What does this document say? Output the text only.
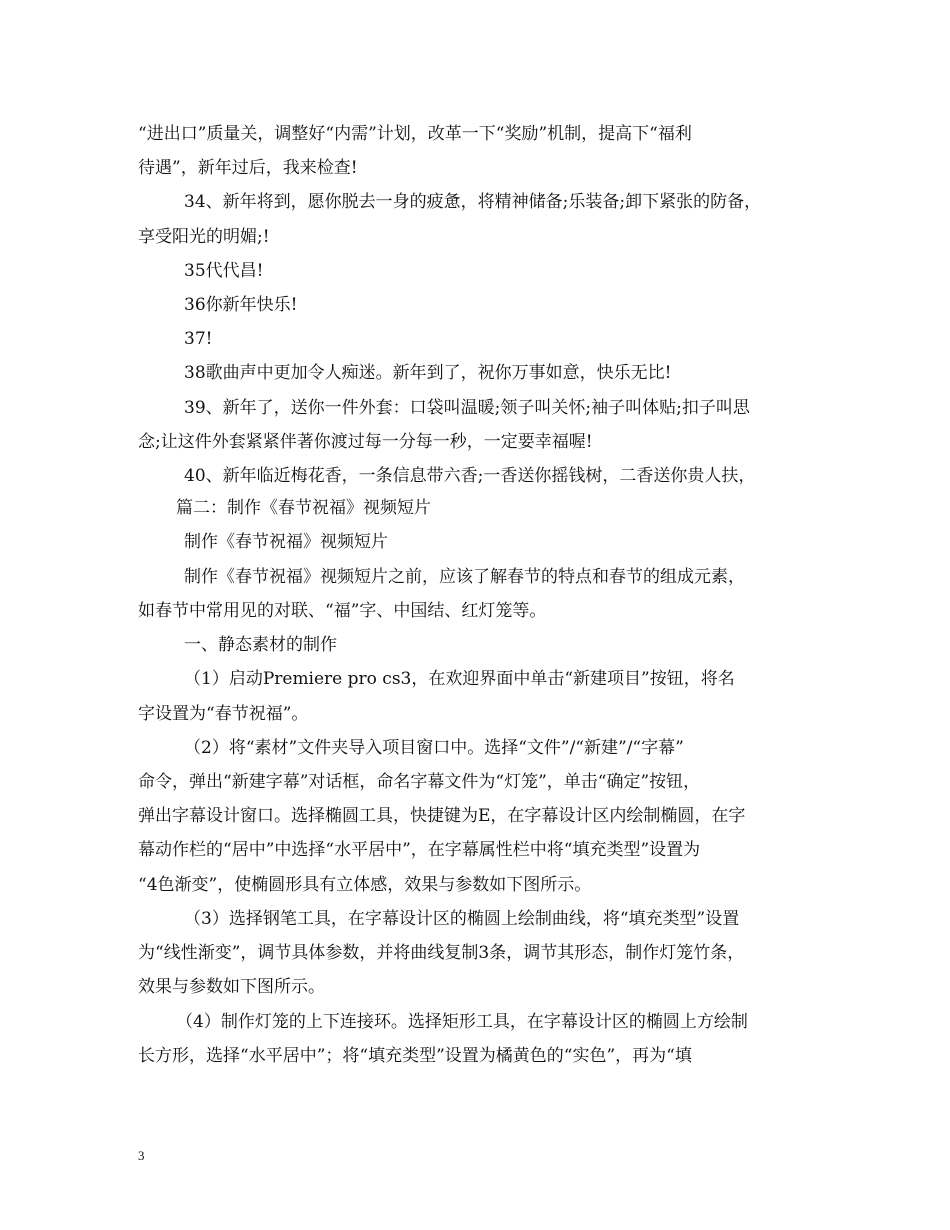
“进出口”质量关，调整好“内需”计划，改革一下“奖励”机制，提高下“福利
待遇”，新年过后，我来检查!
34、新年将到，愿你脱去一身的疲惫，将精神储备;乐装备;卸下紧张的防备，
享受阳光的明媚;!
35代代昌!
36你新年快乐!
37!
38歌曲声中更加令人痴迷。新年到了，祝你万事如意，快乐无比!
39、新年了，送你一件外套：口袋叫温暖;领子叫关怀;袖子叫体贴;扣子叫思
念;让这件外套紧紧伴著你渡过每一分每一秒，一定要幸福喔!
40、新年临近梅花香，一条信息带六香;一香送你摇钱树，二香送你贵人扶，
篇二：制作《春节祝福》视频短片
制作《春节祝福》视频短片
制作《春节祝福》视频短片之前，应该了解春节的特点和春节的组成元素，
如春节中常用见的对联、“福”字、中国结、红灯笼等。
一、静态素材的制作
（1）启动Premiere pro cs3，在欢迎界面中单击“新建项目”按钮，将名
字设置为“春节祝福”。
（2）将“素材”文件夹导入项目窗口中。选择“文件”/“新建”/“字幕”
命令，弹出“新建字幕”对话框，命名字幕文件为“灯笼”，单击“确定”按钮，
弹出字幕设计窗口。选择椭圆工具，快捷键为E，在字幕设计区内绘制椭圆，在字
幕动作栏的“居中”中选择“水平居中”，在字幕属性栏中将“填充类型”设置为
“4色渐变”，使椭圆形具有立体感，效果与参数如下图所示。
（3）选择钢笔工具，在字幕设计区的椭圆上绘制曲线，将“填充类型”设置
为“线性渐变”，调节具体参数，并将曲线复制3条，调节其形态，制作灯笼竹条，
效果与参数如下图所示。
（4）制作灯笼的上下连接环。选择矩形工具，在字幕设计区的椭圆上方绘制
长方形，选择“水平居中”；将“填充类型”设置为橘黄色的“实色”，再为“填
3
